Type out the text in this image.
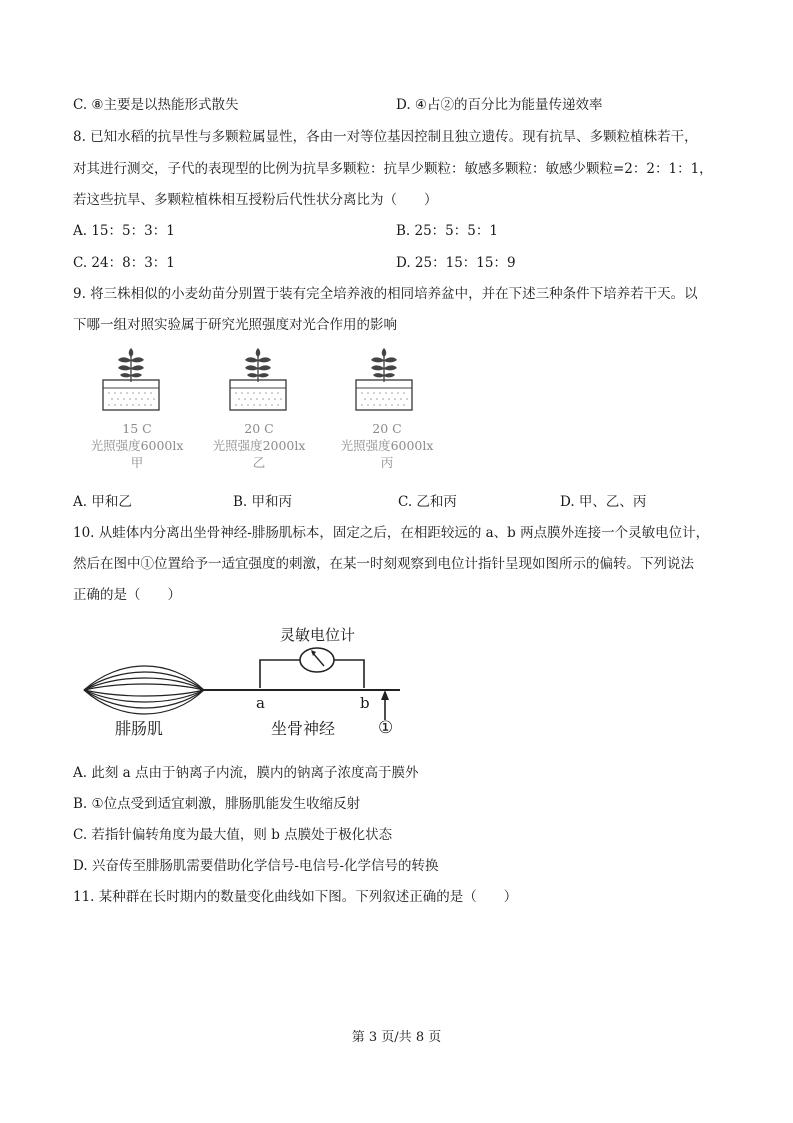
C. ⑧主要是以热能形式散失	D. ④占②的百分比为能量传递效率
8. 已知水稻的抗旱性与多颗粒属显性，各由一对等位基因控制且独立遗传。现有抗旱、多颗粒植株若干，
对其进行测交，子代的表现型的比例为抗旱多颗粒：抗旱少颗粒：敏感多颗粒：敏感少颗粒=2：2：1：1，
若这些抗旱、多颗粒植株相互授粉后代性状分离比为（　　）
A. 15：5：3：1	B. 25：5：5：1
C. 24：8：3：1	D. 25：15：15：9
9. 将三株相似的小麦幼苗分别置于装有完全培养液的相同培养盆中，并在下述三种条件下培养若干天。以
下哪一组对照实验属于研究光照强度对光合作用的影响
15 C
光照强度6000lx
甲
20 C
光照强度2000lx
乙
20 C
光照强度6000lx
丙
A. 甲和乙	B. 甲和丙	C. 乙和丙	D. 甲、乙、丙
10. 从蛙体内分离出坐骨神经-腓肠肌标本，固定之后，在相距较远的 a、b 两点膜外连接一个灵敏电位计，
然后在图中①位置给予一适宜强度的刺激，在某一时刻观察到电位计指针呈现如图所示的偏转。下列说法
正确的是（　　）
灵敏电位计
a	b
腓肠肌	坐骨神经	①
A. 此刻 a 点由于钠离子内流，膜内的钠离子浓度高于膜外
B. ①位点受到适宜刺激，腓肠肌能发生收缩反射
C. 若指针偏转角度为最大值，则 b 点膜处于极化状态
D. 兴奋传至腓肠肌需要借助化学信号-电信号-化学信号的转换
11. 某种群在长时期内的数量变化曲线如下图。下列叙述正确的是（　　）
第 3 页/共 8 页
